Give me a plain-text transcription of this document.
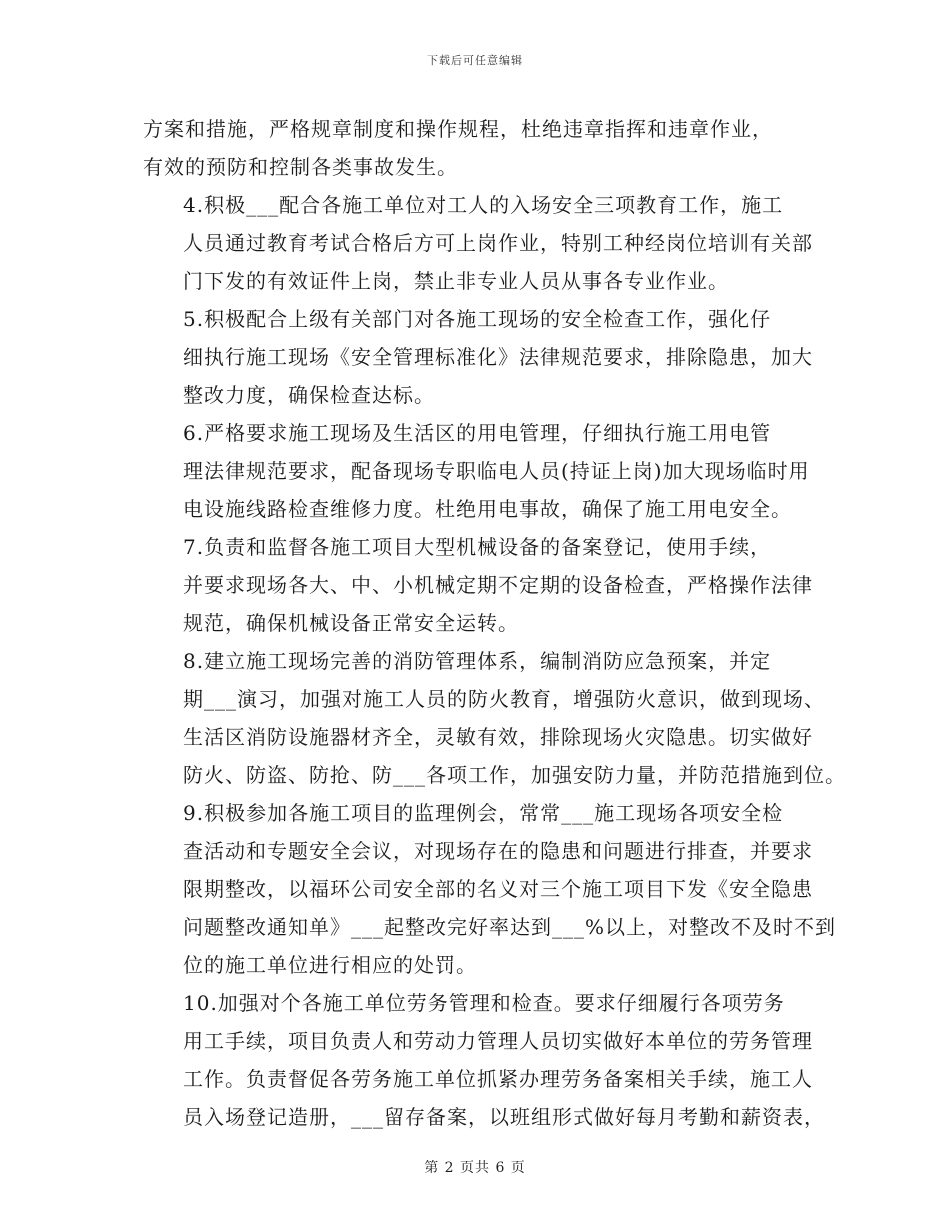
下载后可任意编辑

方案和措施，严格规章制度和操作规程，杜绝违章指挥和违章作业，
有效的预防和控制各类事故发生。

4.积极___配合各施工单位对工人的入场安全三项教育工作，施工
人员通过教育考试合格后方可上岗作业，特别工种经岗位培训有关部
门下发的有效证件上岗，禁止非专业人员从事各专业作业。

5.积极配合上级有关部门对各施工现场的安全检查工作，强化仔
细执行施工现场《安全管理标准化》法律规范要求，排除隐患，加大
整改力度，确保检查达标。

6.严格要求施工现场及生活区的用电管理，仔细执行施工用电管
理法律规范要求，配备现场专职临电人员(持证上岗)加大现场临时用
电设施线路检查维修力度。杜绝用电事故，确保了施工用电安全。

7.负责和监督各施工项目大型机械设备的备案登记，使用手续，
并要求现场各大、中、小机械定期不定期的设备检查，严格操作法律
规范，确保机械设备正常安全运转。

8.建立施工现场完善的消防管理体系，编制消防应急预案，并定
期___演习，加强对施工人员的防火教育，增强防火意识，做到现场、
生活区消防设施器材齐全，灵敏有效，排除现场火灾隐患。切实做好
防火、防盗、防抢、防___各项工作，加强安防力量，并防范措施到位。

9.积极参加各施工项目的监理例会，常常___施工现场各项安全检
查活动和专题安全会议，对现场存在的隐患和问题进行排查，并要求
限期整改，以福环公司安全部的名义对三个施工项目下发《安全隐患
问题整改通知单》___起整改完好率达到___%以上，对整改不及时不到
位的施工单位进行相应的处罚。

10.加强对个各施工单位劳务管理和检查。要求仔细履行各项劳务
用工手续，项目负责人和劳动力管理人员切实做好本单位的劳务管理
工作。负责督促各劳务施工单位抓紧办理劳务备案相关手续，施工人
员入场登记造册，___留存备案，以班组形式做好每月考勤和薪资表，

第 2 页共 6 页
